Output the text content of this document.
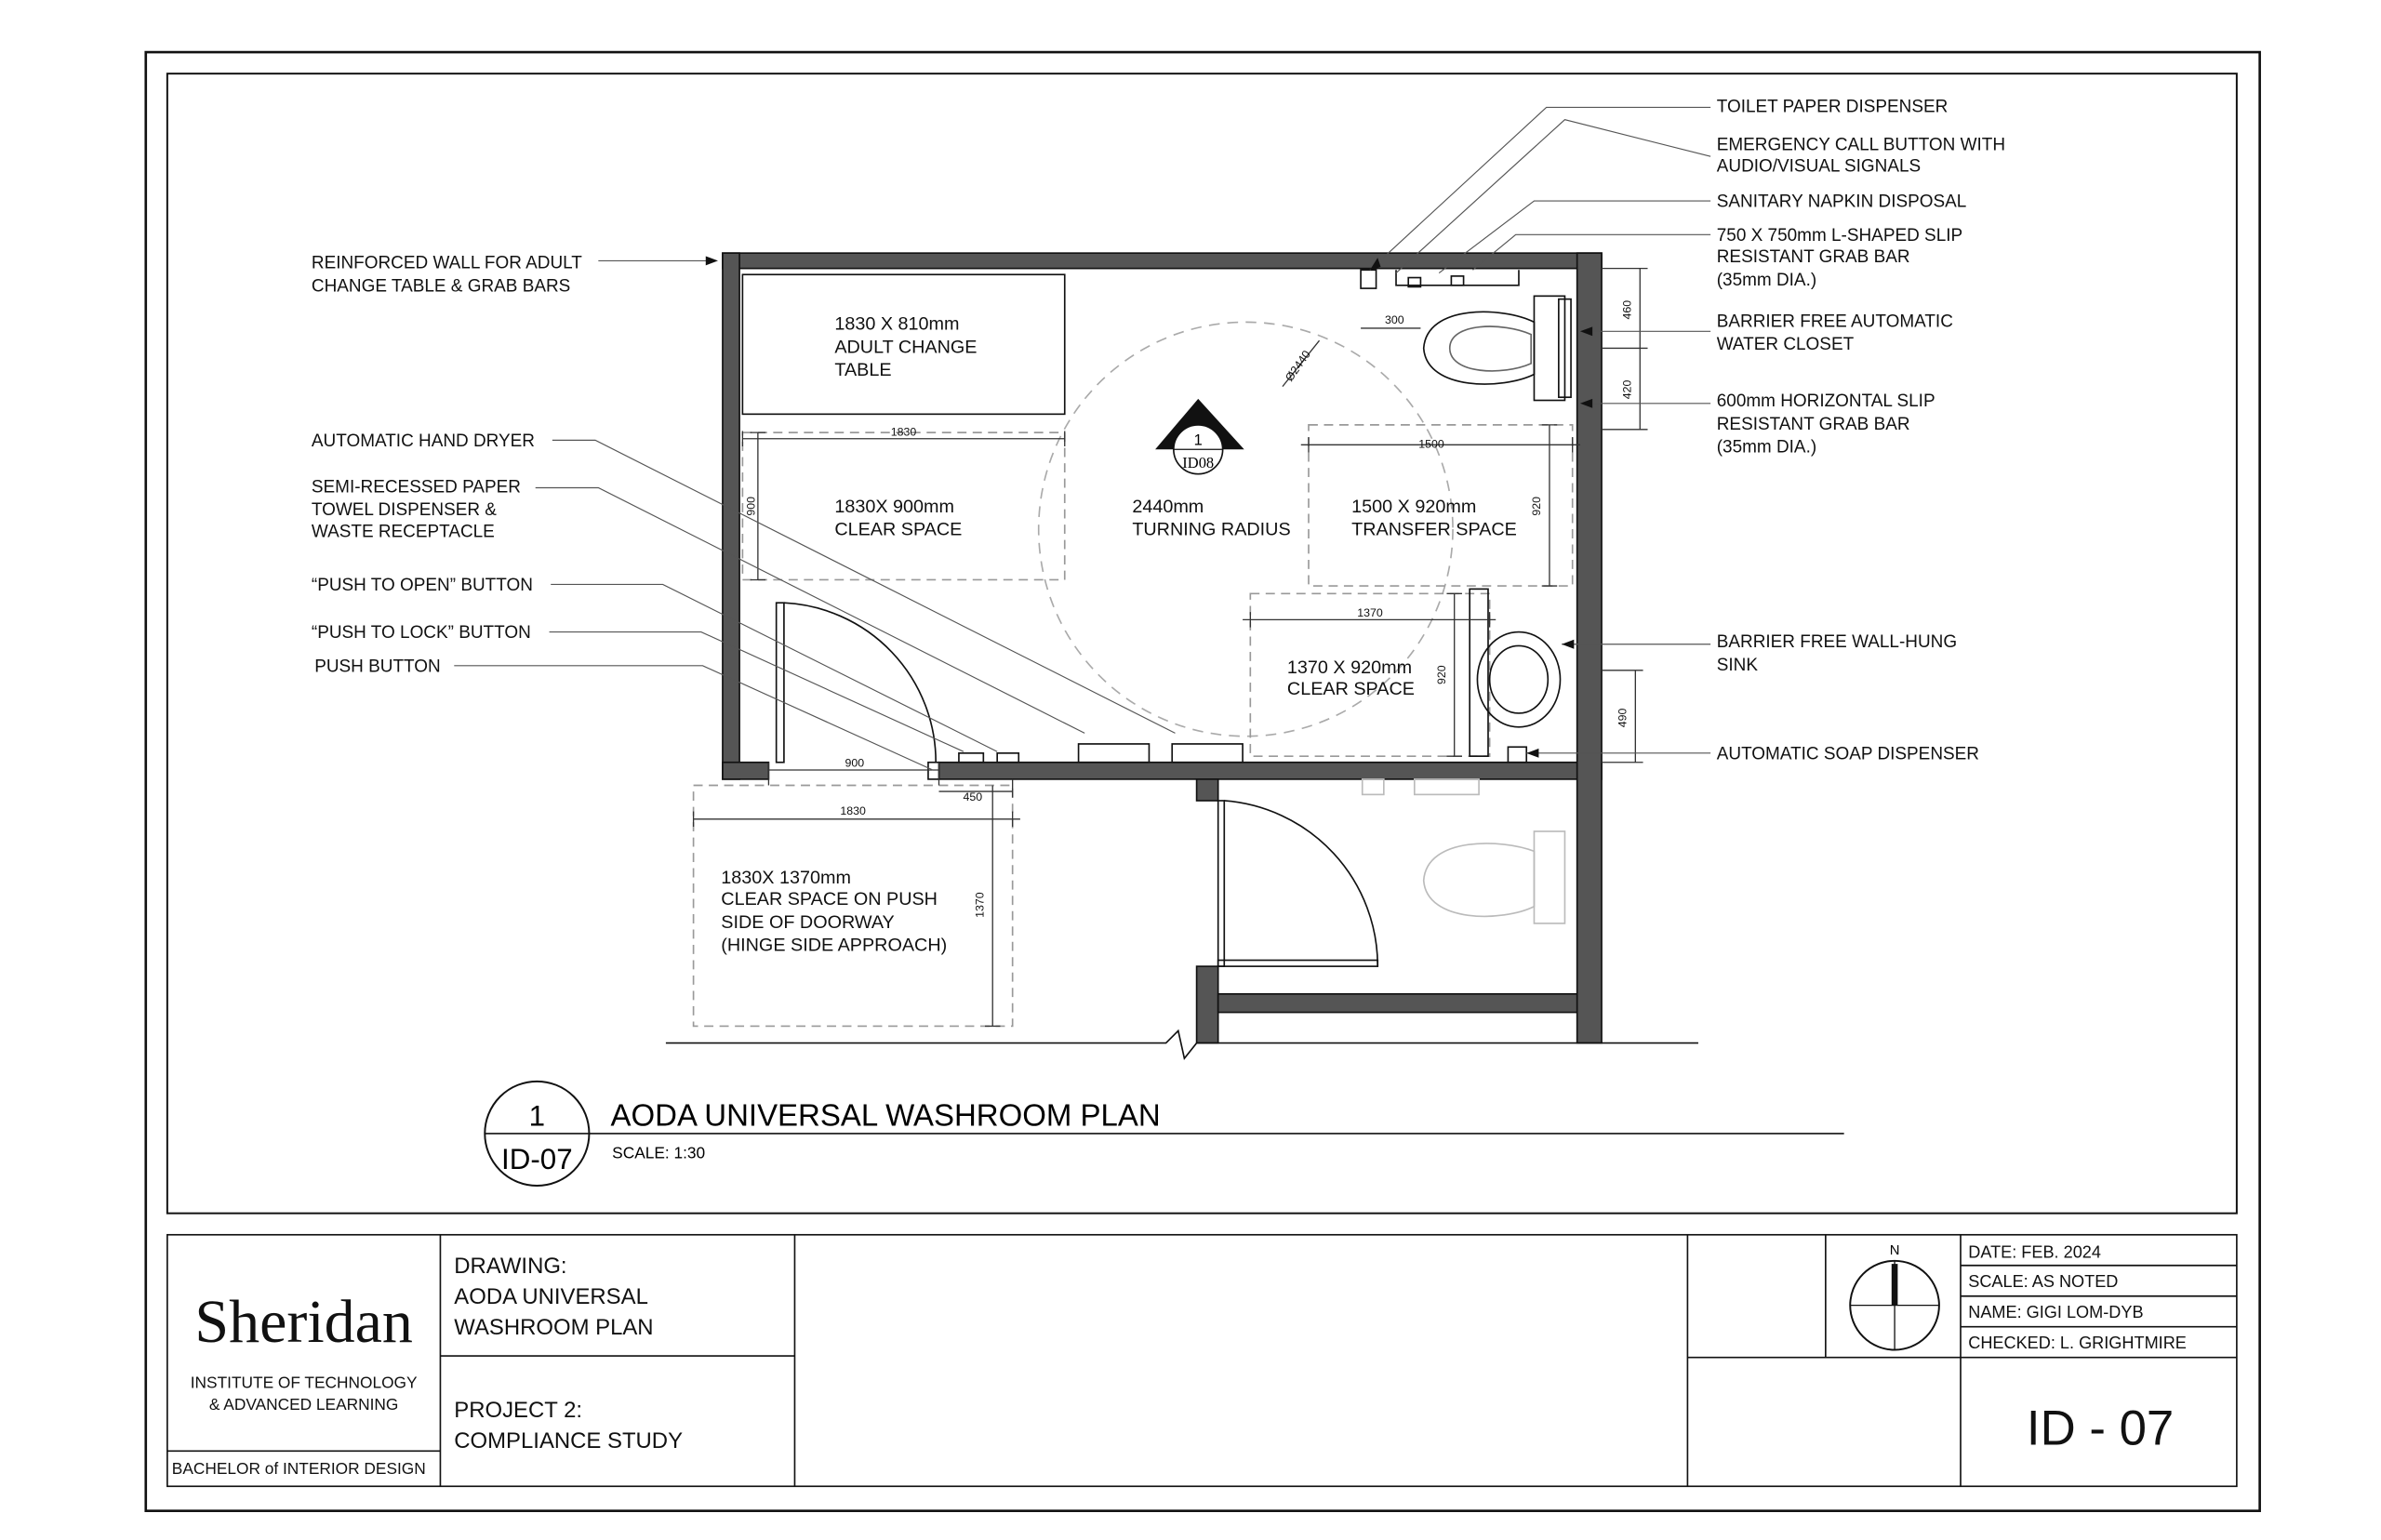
1830
900
1500
920
1370
920
300
460
420
490
Ø2440
900
450
1830
1370
1830 X 810mm
ADULT CHANGE
TABLE
1830X 900mm
CLEAR SPACE
2440mm
TURNING RADIUS
1500 X 920mm
TRANSFER SPACE
1370 X 920mm
CLEAR SPACE
1830X 1370mm
CLEAR SPACE ON PUSH
SIDE OF DOORWAY
(HINGE SIDE APPROACH)
1
ID08
TOILET PAPER DISPENSER
EMERGENCY CALL BUTTON WITH
AUDIO/VISUAL SIGNALS
SANITARY NAPKIN DISPOSAL
750 X 750mm L-SHAPED SLIP
RESISTANT GRAB BAR
(35mm DIA.)
BARRIER FREE AUTOMATIC
WATER CLOSET
600mm HORIZONTAL SLIP
RESISTANT GRAB BAR
(35mm DIA.)
BARRIER FREE WALL-HUNG
SINK
AUTOMATIC SOAP DISPENSER
REINFORCED WALL FOR ADULT
CHANGE TABLE & GRAB BARS
AUTOMATIC HAND DRYER
SEMI-RECESSED PAPER
TOWEL DISPENSER &
WASTE RECEPTACLE
“PUSH TO OPEN” BUTTON
“PUSH TO LOCK” BUTTON
PUSH BUTTON
1
ID-07
AODA UNIVERSAL WASHROOM PLAN
SCALE: 1:30
N
Sheridan
INSTITUTE OF TECHNOLOGY
& ADVANCED LEARNING
BACHELOR of INTERIOR DESIGN
DRAWING:
AODA UNIVERSAL
WASHROOM PLAN
PROJECT 2:
COMPLIANCE STUDY
DATE: FEB. 2024
SCALE: AS NOTED
NAME: GIGI LOM-DYB
CHECKED: L. GRIGHTMIRE
ID - 07
